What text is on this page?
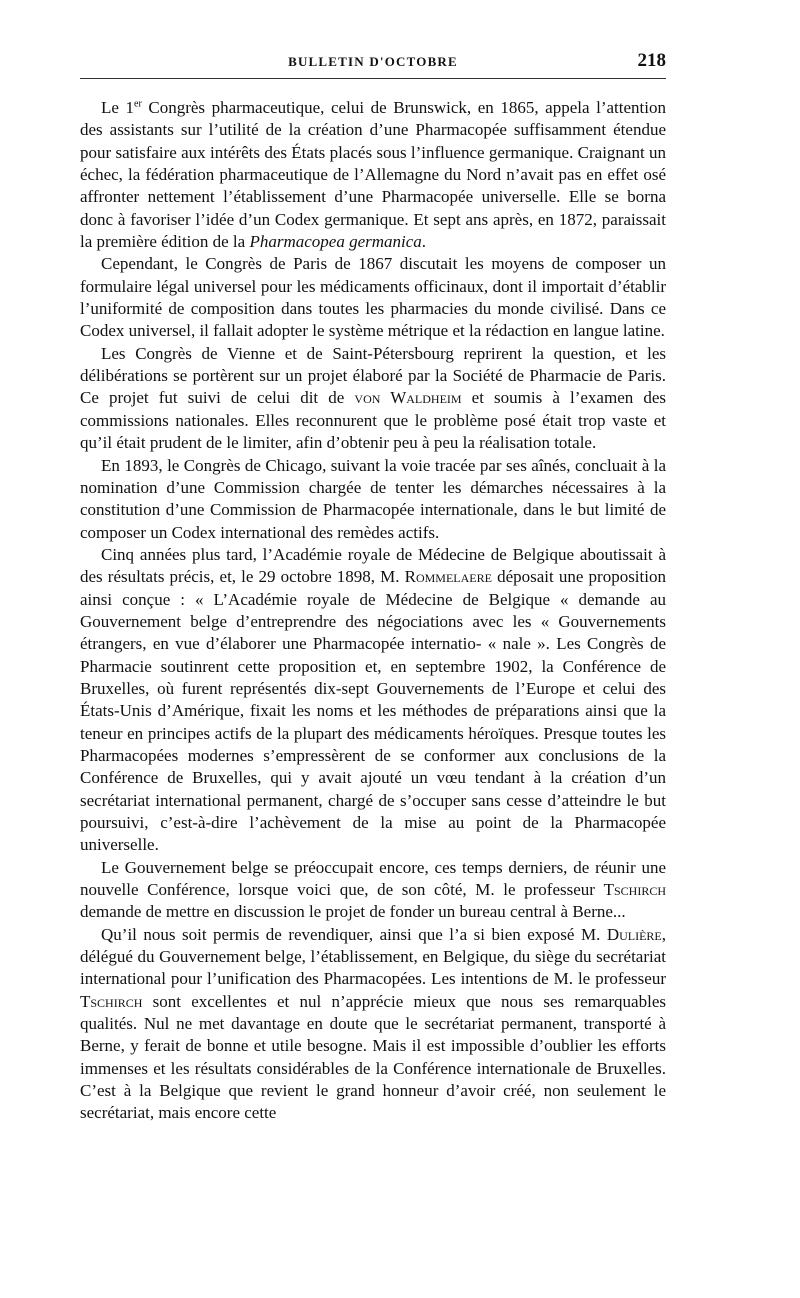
BULLETIN D'OCTOBRE	218

Le 1er Congrès pharmaceutique, celui de Brunswick, en 1865, appela l’attention des assistants sur l’utilité de la création d’une Pharmacopée suffisamment étendue pour satisfaire aux intérêts des États placés sous l’influence germanique. Craignant un échec, la fédération pharmaceutique de l’Allemagne du Nord n’avait pas en effet osé affronter nettement l’établissement d’une Pharmacopée universelle. Elle se borna donc à favoriser l’idée d’un Codex germanique. Et sept ans après, en 1872, paraissait la première édition de la Pharmacopea germanica.

Cependant, le Congrès de Paris de 1867 discutait les moyens de composer un formulaire légal universel pour les médicaments officinaux, dont il importait d’établir l’uniformité de composition dans toutes les pharmacies du monde civilisé. Dans ce Codex universel, il fallait adopter le système métrique et la rédaction en langue latine.

Les Congrès de Vienne et de Saint-Pétersbourg reprirent la question, et les délibérations se portèrent sur un projet élaboré par la Société de Pharmacie de Paris. Ce projet fut suivi de celui dit de von Waldheim et soumis à l’examen des commissions nationales. Elles reconnurent que le problème posé était trop vaste et qu’il était prudent de le limiter, afin d’obtenir peu à peu la réalisation totale.

En 1893, le Congrès de Chicago, suivant la voie tracée par ses aînés, concluait à la nomination d’une Commission chargée de tenter les démarches nécessaires à la constitution d’une Commission de Pharmacopée internationale, dans le but limité de composer un Codex international des remèdes actifs.

Cinq années plus tard, l’Académie royale de Médecine de Belgique aboutissait à des résultats précis, et, le 29 octobre 1898, M. Rommelaere déposait une proposition ainsi conçue : « L’Académie royale de Médecine de Belgique « demande au Gouvernement belge d’entreprendre des négociations avec les « Gouvernements étrangers, en vue d’élaborer une Pharmacopée internatio- « nale ». Les Congrès de Pharmacie soutinrent cette proposition et, en septembre 1902, la Conférence de Bruxelles, où furent représentés dix-sept Gouvernements de l’Europe et celui des États-Unis d’Amérique, fixait les noms et les méthodes de préparations ainsi que la teneur en principes actifs de la plupart des médicaments héroïques. Presque toutes les Pharmacopées modernes s’empressèrent de se conformer aux conclusions de la Conférence de Bruxelles, qui y avait ajouté un vœu tendant à la création d’un secrétariat international permanent, chargé de s’occuper sans cesse d’atteindre le but poursuivi, c’est-à-dire l’achèvement de la mise au point de la Pharmacopée universelle.

Le Gouvernement belge se préoccupait encore, ces temps derniers, de réunir une nouvelle Conférence, lorsque voici que, de son côté, M. le professeur Tschirch demande de mettre en discussion le projet de fonder un bureau central à Berne...

Qu’il nous soit permis de revendiquer, ainsi que l’a si bien exposé M. Dulière, délégué du Gouvernement belge, l’établissement, en Belgique, du siège du secrétariat international pour l’unification des Pharmacopées. Les intentions de M. le professeur Tschirch sont excellentes et nul n’apprécie mieux que nous ses remarquables qualités. Nul ne met davantage en doute que le secrétariat permanent, transporté à Berne, y ferait de bonne et utile besogne. Mais il est impossible d’oublier les efforts immenses et les résultats considérables de la Conférence internationale de Bruxelles. C’est à la Belgique que revient le grand honneur d’avoir créé, non seulement le secrétariat, mais encore cette
